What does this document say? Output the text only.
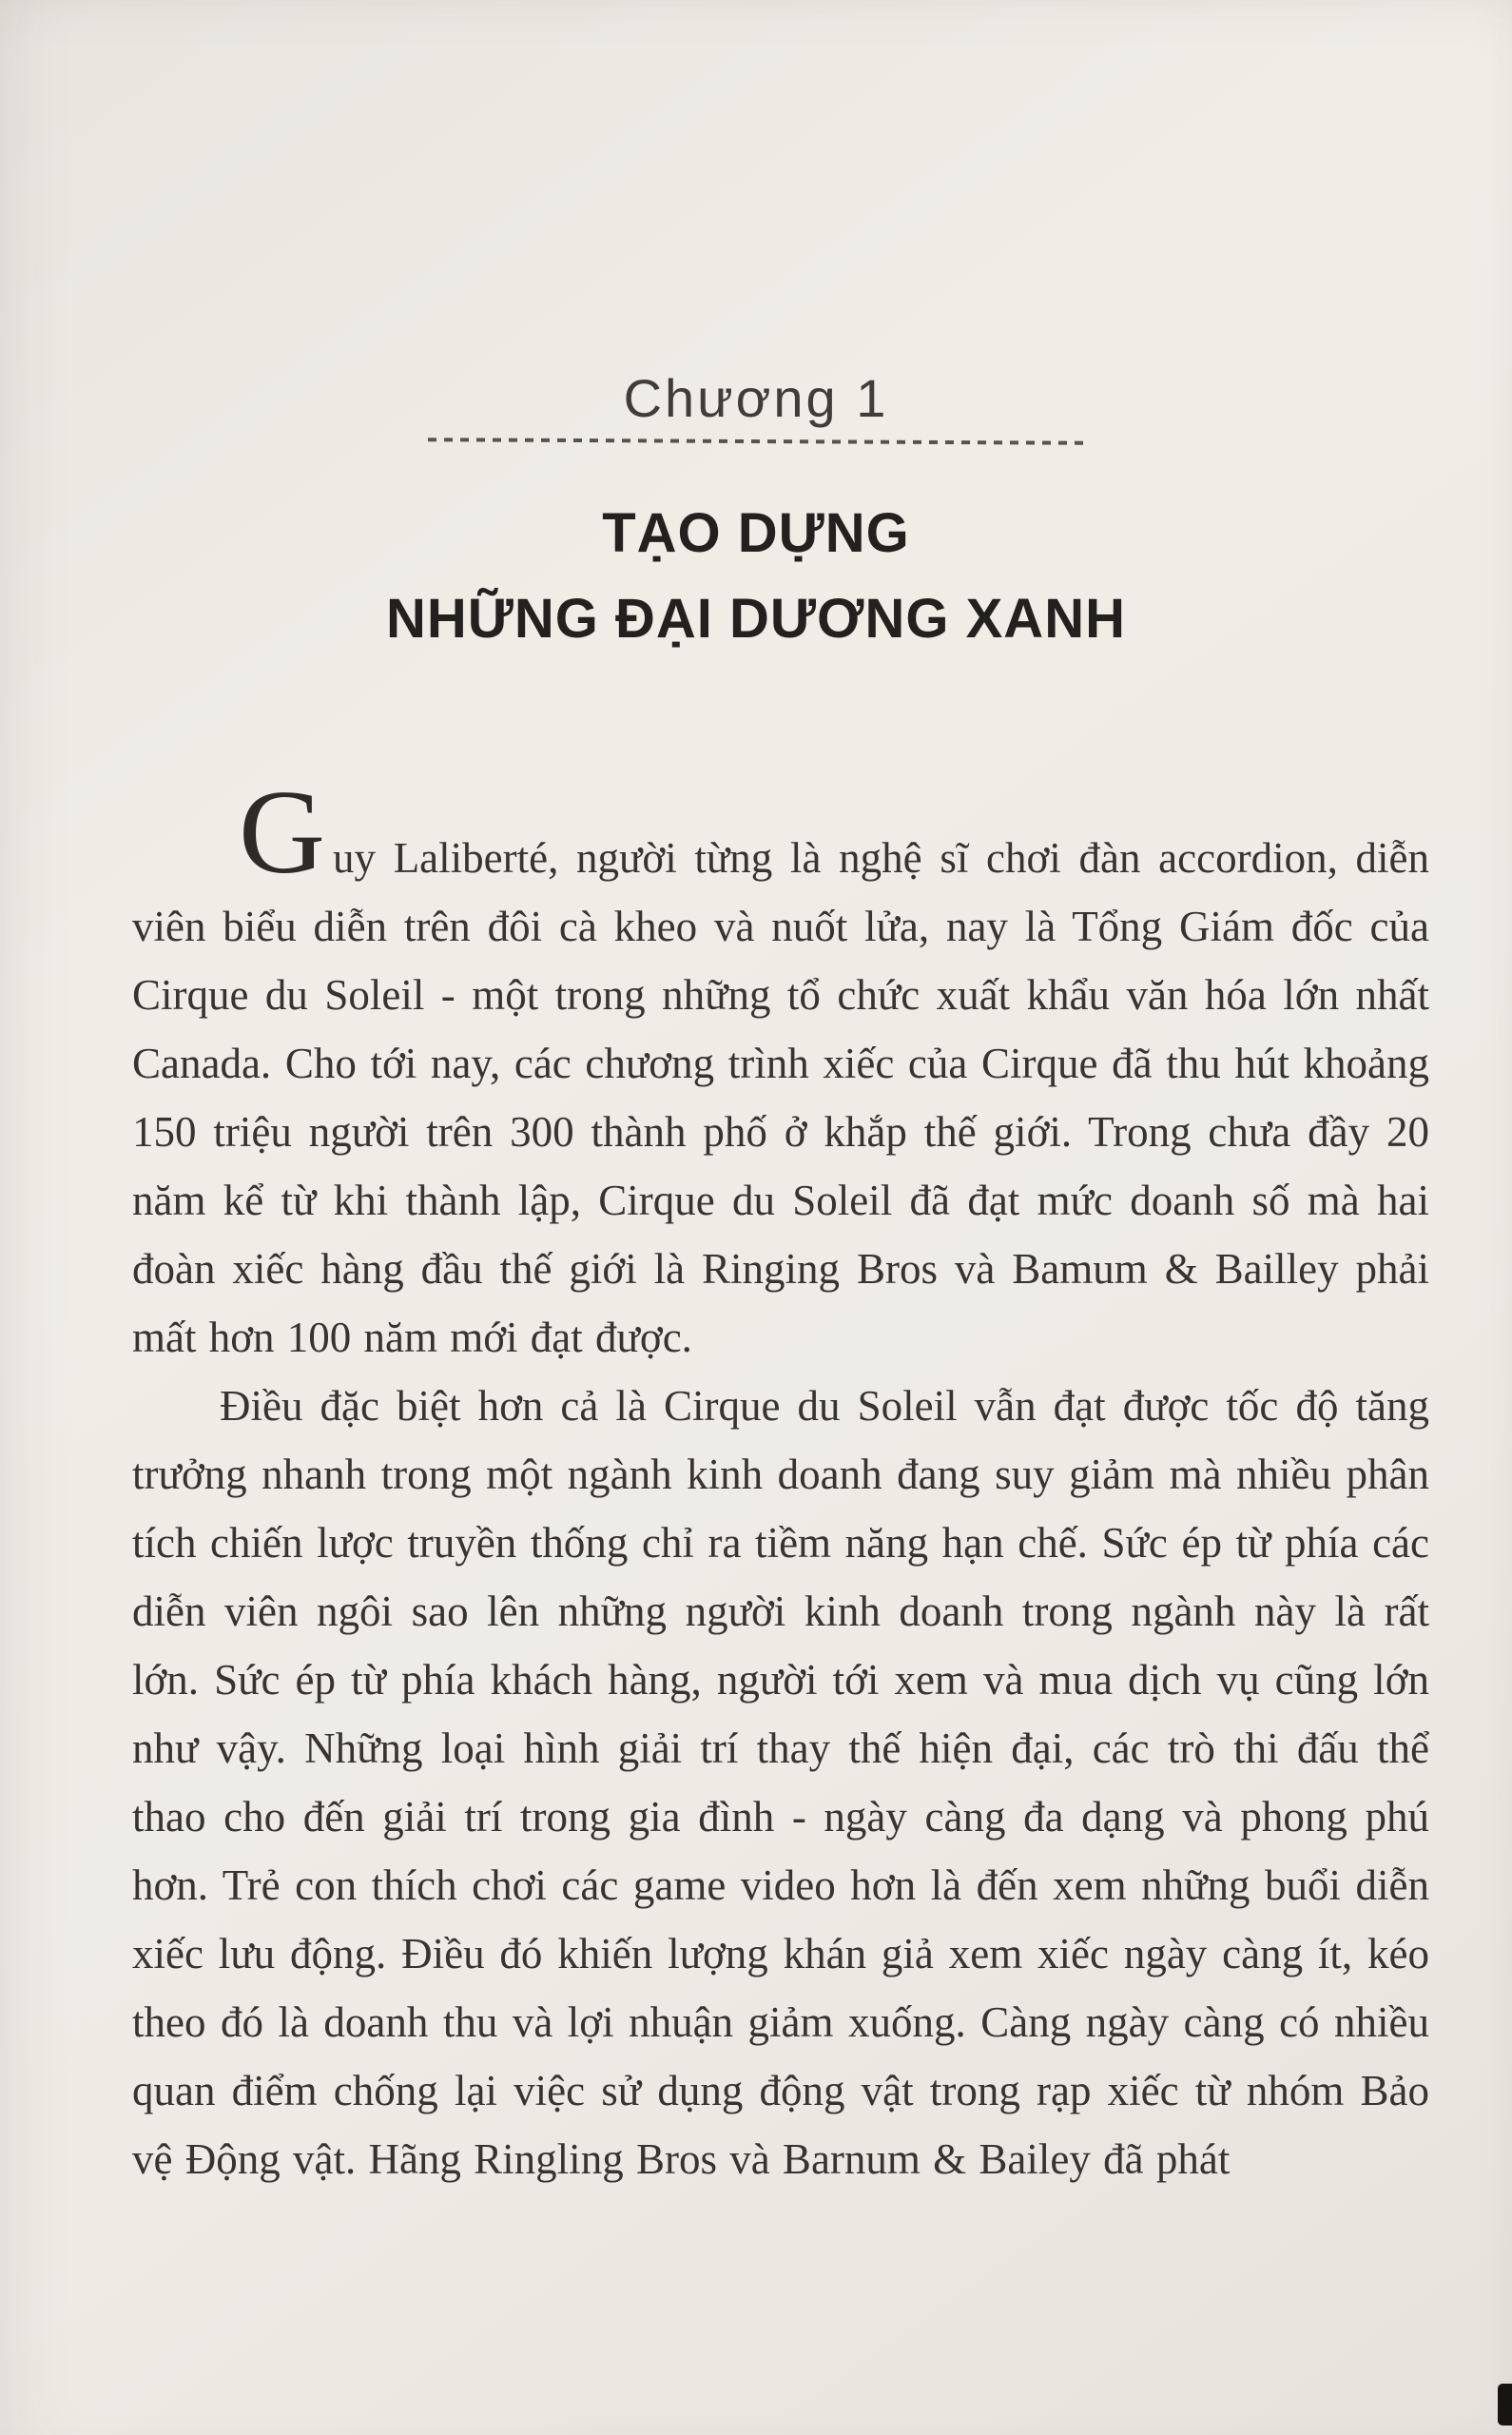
Chương 1
TẠO DỰNG
NHỮNG ĐẠI DƯƠNG XANH

Guy Laliberté, người từng là nghệ sĩ chơi đàn accordion, diễn viên biểu diễn trên đôi cà kheo và nuốt lửa, nay là Tổng Giám đốc của Cirque du Soleil - một trong những tổ chức xuất khẩu văn hóa lớn nhất Canada. Cho tới nay, các chương trình xiếc của Cirque đã thu hút khoảng 150 triệu người trên 300 thành phố ở khắp thế giới. Trong chưa đầy 20 năm kể từ khi thành lập, Cirque du Soleil đã đạt mức doanh số mà hai đoàn xiếc hàng đầu thế giới là Ringing Bros và Bamum & Bailley phải mất hơn 100 năm mới đạt được.

Điều đặc biệt hơn cả là Cirque du Soleil vẫn đạt được tốc độ tăng trưởng nhanh trong một ngành kinh doanh đang suy giảm mà nhiều phân tích chiến lược truyền thống chỉ ra tiềm năng hạn chế. Sức ép từ phía các diễn viên ngôi sao lên những người kinh doanh trong ngành này là rất lớn. Sức ép từ phía khách hàng, người tới xem và mua dịch vụ cũng lớn như vậy. Những loại hình giải trí thay thế hiện đại, các trò thi đấu thể thao cho đến giải trí trong gia đình - ngày càng đa dạng và phong phú hơn. Trẻ con thích chơi các game video hơn là đến xem những buổi diễn xiếc lưu động. Điều đó khiến lượng khán giả xem xiếc ngày càng ít, kéo theo đó là doanh thu và lợi nhuận giảm xuống. Càng ngày càng có nhiều quan điểm chống lại việc sử dụng động vật trong rạp xiếc từ nhóm Bảo vệ Động vật. Hãng Ringling Bros và Barnum & Bailey đã phát
